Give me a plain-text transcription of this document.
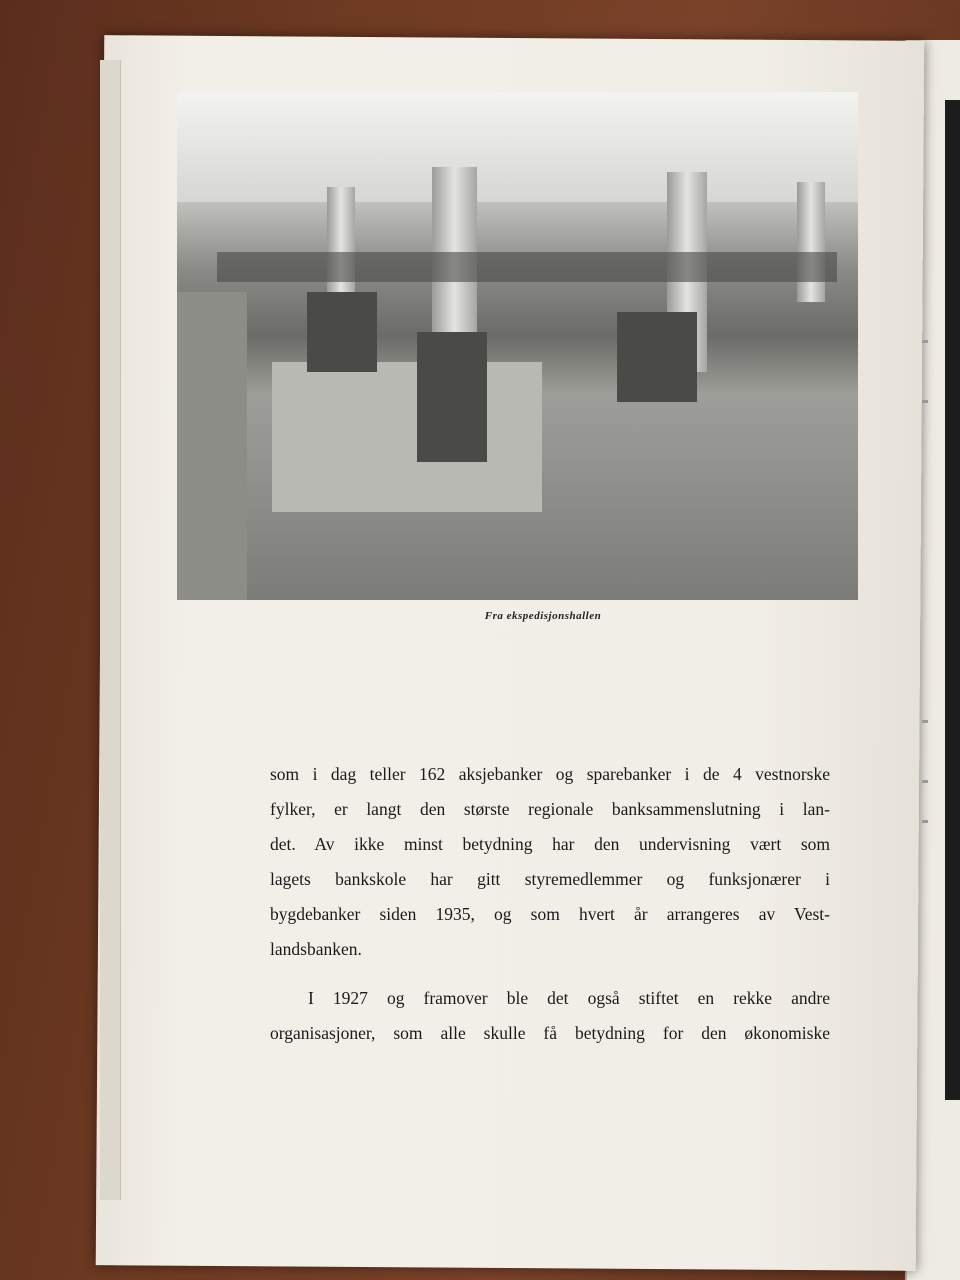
Fra ekspedisjonshallen
som i dag teller 162 aksjebanker og sparebanker i de 4 vestnorske
fylker, er langt den største regionale banksammenslutning i lan-
det. Av ikke minst betydning har den undervisning vært som
lagets bankskole har gitt styremedlemmer og funksjonærer i
bygdebanker siden 1935, og som hvert år arrangeres av Vest-
landsbanken.
I 1927 og framover ble det også stiftet en rekke andre
organisasjoner, som alle skulle få betydning for den økonomiske
